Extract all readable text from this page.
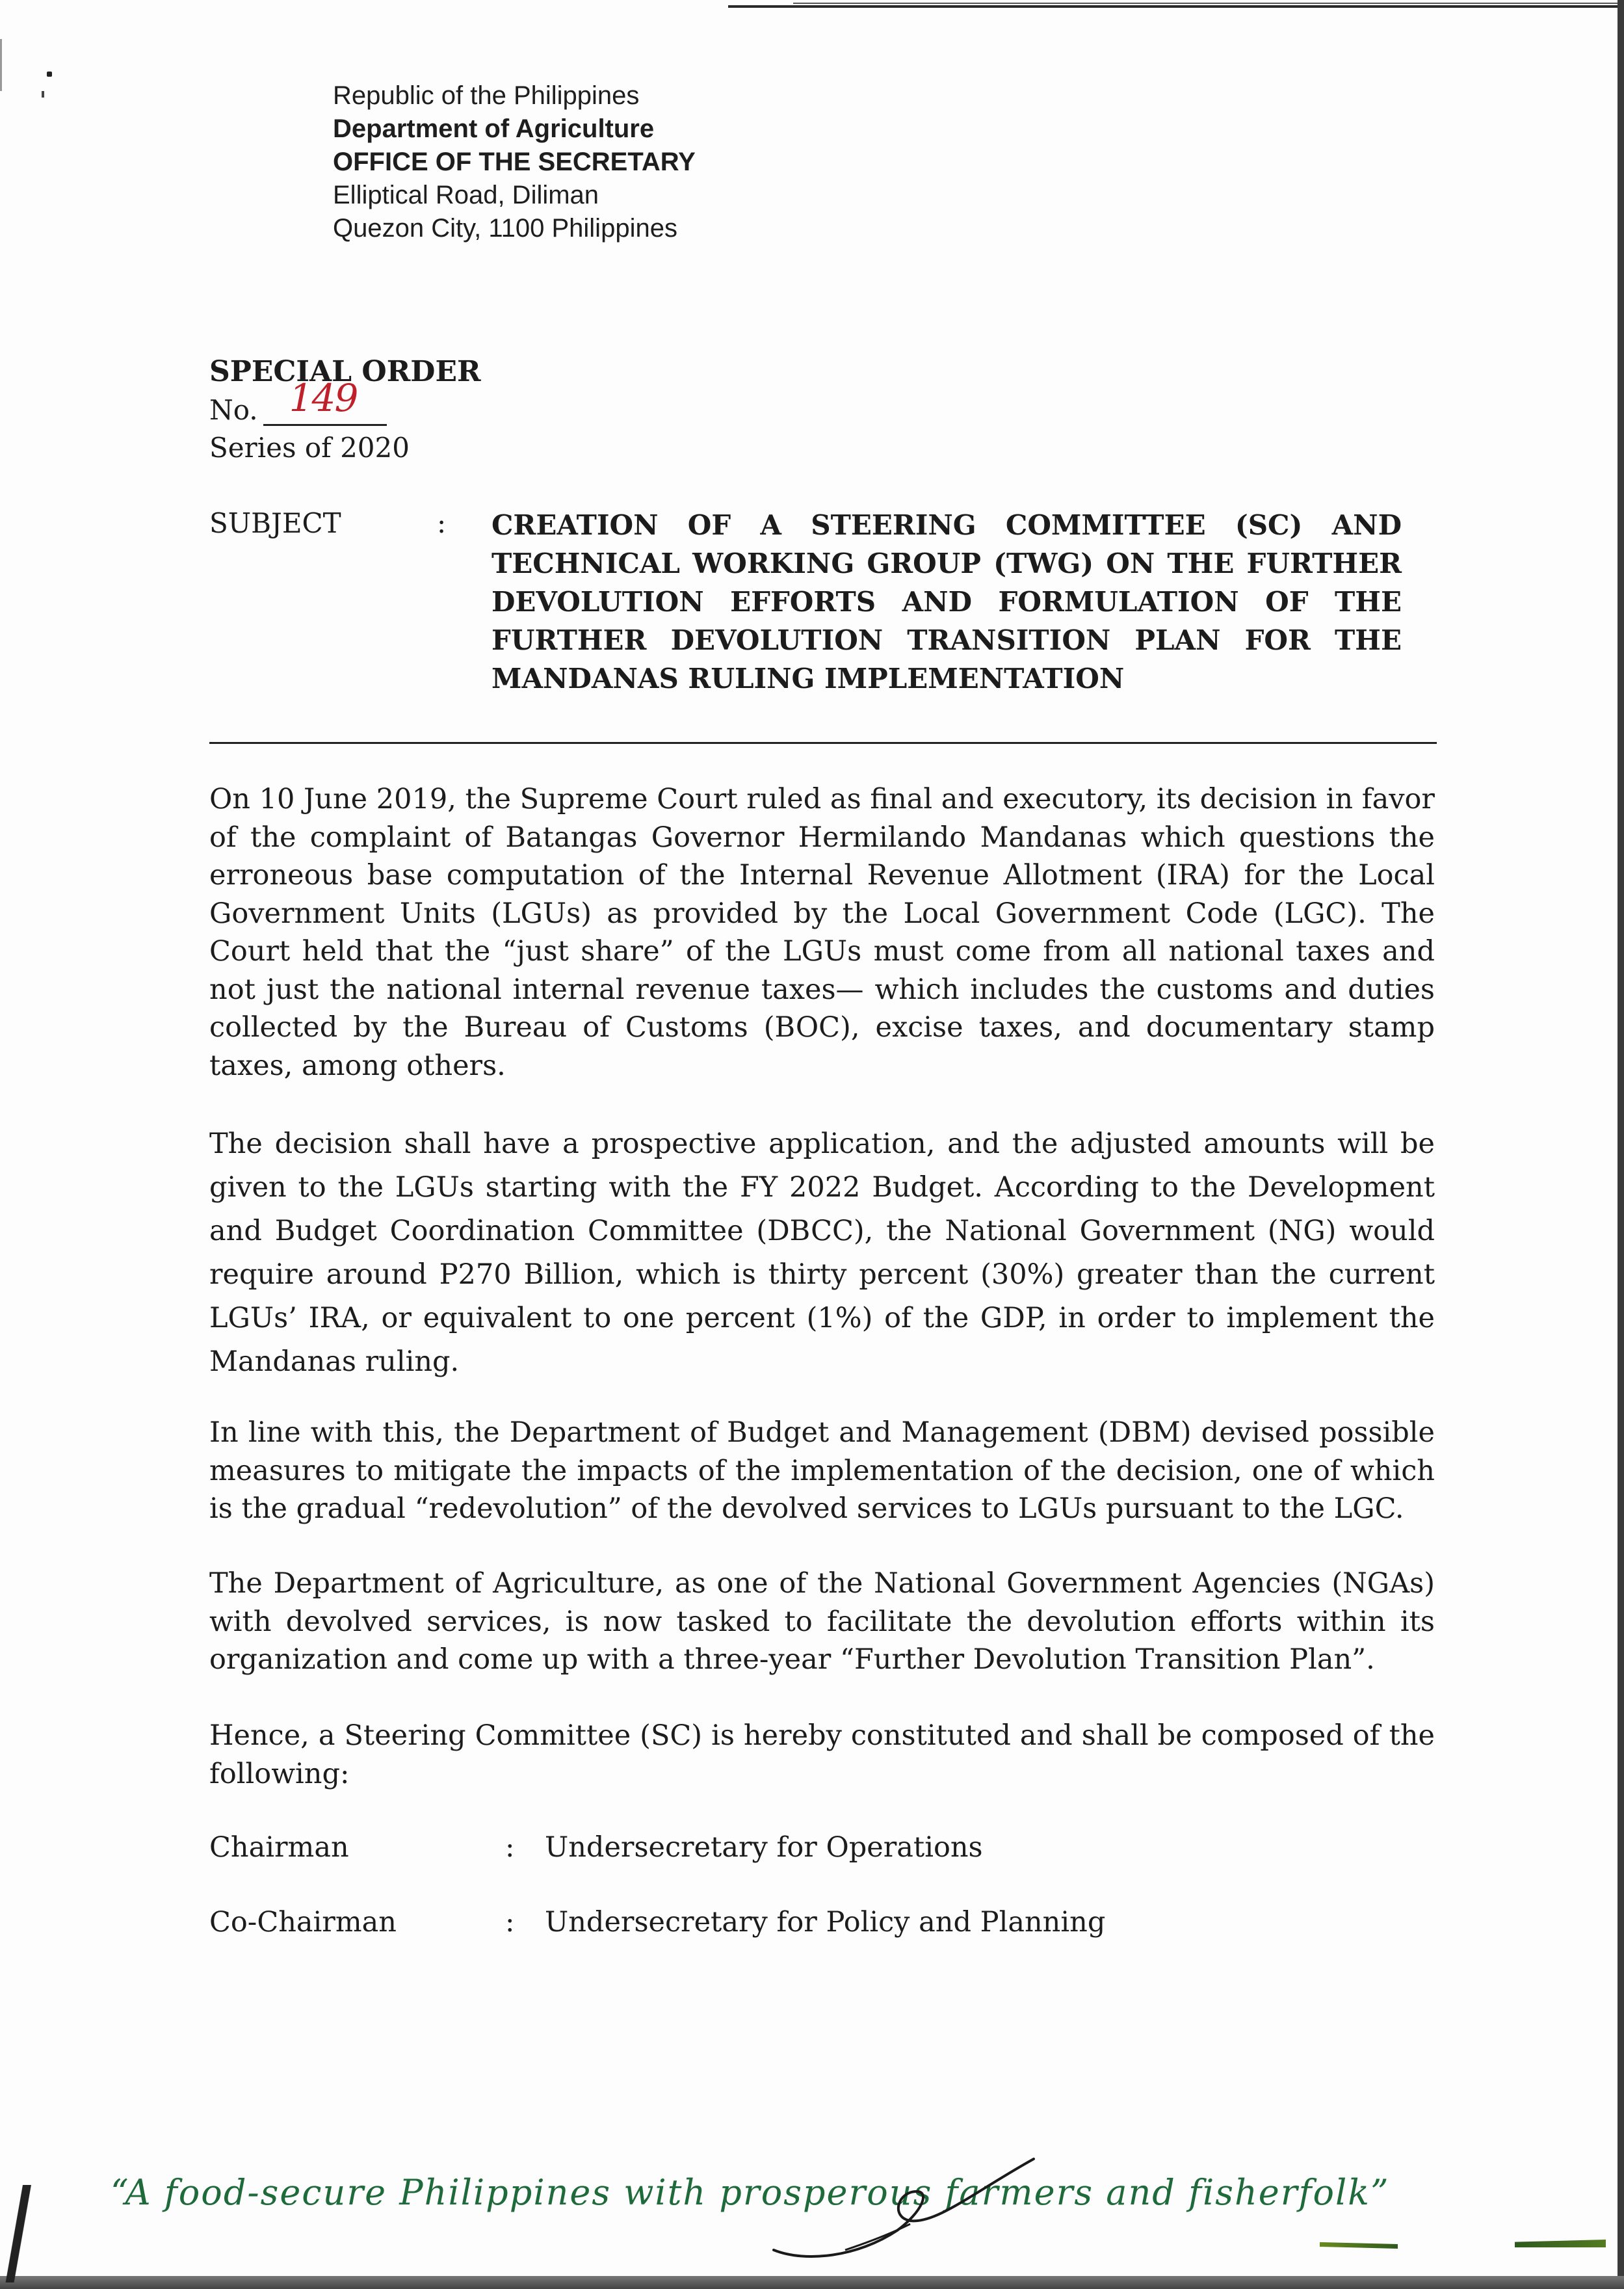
Republic of the Philippines
Department of Agriculture
OFFICE OF THE SECRETARY
Elliptical Road, Diliman
Quezon City, 1100 Philippines
SPECIAL ORDER
No. 149
Series of 2020
SUBJECT	: CREATION OF A STEERING COMMITTEE (SC) AND TECHNICAL WORKING GROUP (TWG) ON THE FURTHER DEVOLUTION EFFORTS AND FORMULATION OF THE FURTHER DEVOLUTION TRANSITION PLAN FOR THE MANDANAS RULING IMPLEMENTATION
On 10 June 2019, the Supreme Court ruled as final and executory, its decision in favor of the complaint of Batangas Governor Hermilando Mandanas which questions the erroneous base computation of the Internal Revenue Allotment (IRA) for the Local Government Units (LGUs) as provided by the Local Government Code (LGC). The Court held that the “just share” of the LGUs must come from all national taxes and not just the national internal revenue taxes— which includes the customs and duties collected by the Bureau of Customs (BOC), excise taxes, and documentary stamp taxes, among others.
The decision shall have a prospective application, and the adjusted amounts will be given to the LGUs starting with the FY 2022 Budget. According to the Development and Budget Coordination Committee (DBCC), the National Government (NG) would require around P270 Billion, which is thirty percent (30%) greater than the current LGUs’ IRA, or equivalent to one percent (1%) of the GDP, in order to implement the Mandanas ruling.
In line with this, the Department of Budget and Management (DBM) devised possible measures to mitigate the impacts of the implementation of the decision, one of which is the gradual “redevolution” of the devolved services to LGUs pursuant to the LGC.
The Department of Agriculture, as one of the National Government Agencies (NGAs) with devolved services, is now tasked to facilitate the devolution efforts within its organization and come up with a three-year “Further Devolution Transition Plan”.
Hence, a Steering Committee (SC) is hereby constituted and shall be composed of the following:
Chairman	: Undersecretary for Operations
Co-Chairman	: Undersecretary for Policy and Planning
“A food-secure Philippines with prosperous farmers and fisherfolk”
